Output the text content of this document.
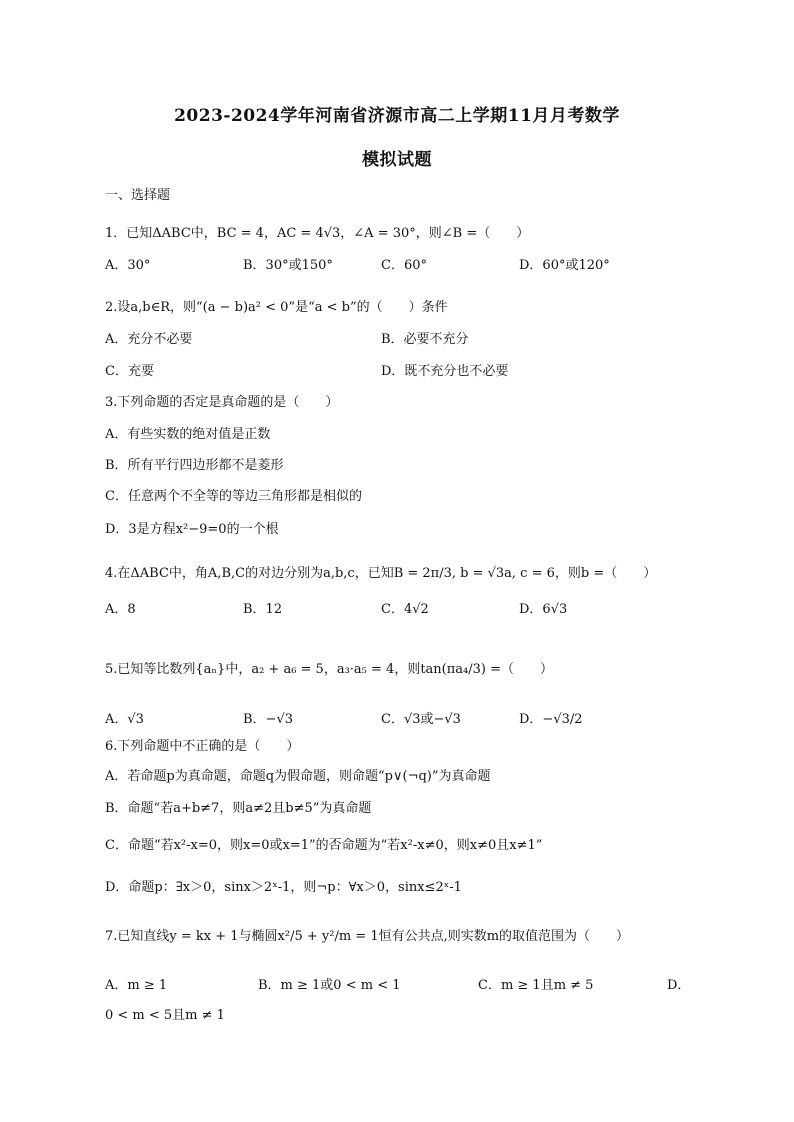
2023-2024学年河南省济源市高二上学期11月月考数学
模拟试题
一、选择题
1．已知ΔABC中，BC = 4，AC = 4√3，∠A = 30°，则∠B =（　　）
A．30°	B．30°或150°	C．60°	D．60°或120°
2.设a,b∈R，则“(a − b)a² < 0”是“a < b”的（　　）条件
A．充分不必要	B．必要不充分
C．充要	D．既不充分也不必要
3.下列命题的否定是真命题的是（　　）
A．有些实数的绝对值是正数
B．所有平行四边形都不是菱形
C．任意两个不全等的等边三角形都是相似的
D．3是方程x²−9=0的一个根
4.在ΔABC中，角A,B,C的对边分别为a,b,c，已知B = 2π/3, b = √3a, c = 6，则b =（　　）
A．8	B．12	C．4√2	D．6√3
5.已知等比数列{aₙ}中，a₂ + a₆ = 5，a₃·a₅ = 4，则tan(πa₄/3) =（　　）
A．√3	B．−√3	C．√3或−√3	D．−√3/2
6.下列命题中不正确的是（　　）
A．若命题p为真命题，命题q为假命题，则命题“p∨(¬q)”为真命题
B．命题“若a+b≠7，则a≠2且b≠5”为真命题
C．命题“若x²-x=0，则x=0或x=1”的否命题为“若x²-x≠0，则x≠0且x≠1”
D．命题p：∃x＞0，sinx＞2ˣ-1，则¬p：∀x＞0，sinx≤2ˣ-1
7.已知直线y = kx + 1与椭圆x²/5 + y²/m = 1恒有公共点,则实数m的取值范围为（　　）
A．m ≥ 1	B．m ≥ 1或0 < m < 1	C．m ≥ 1且m ≠ 5	D．
0 < m < 5且m ≠ 1
